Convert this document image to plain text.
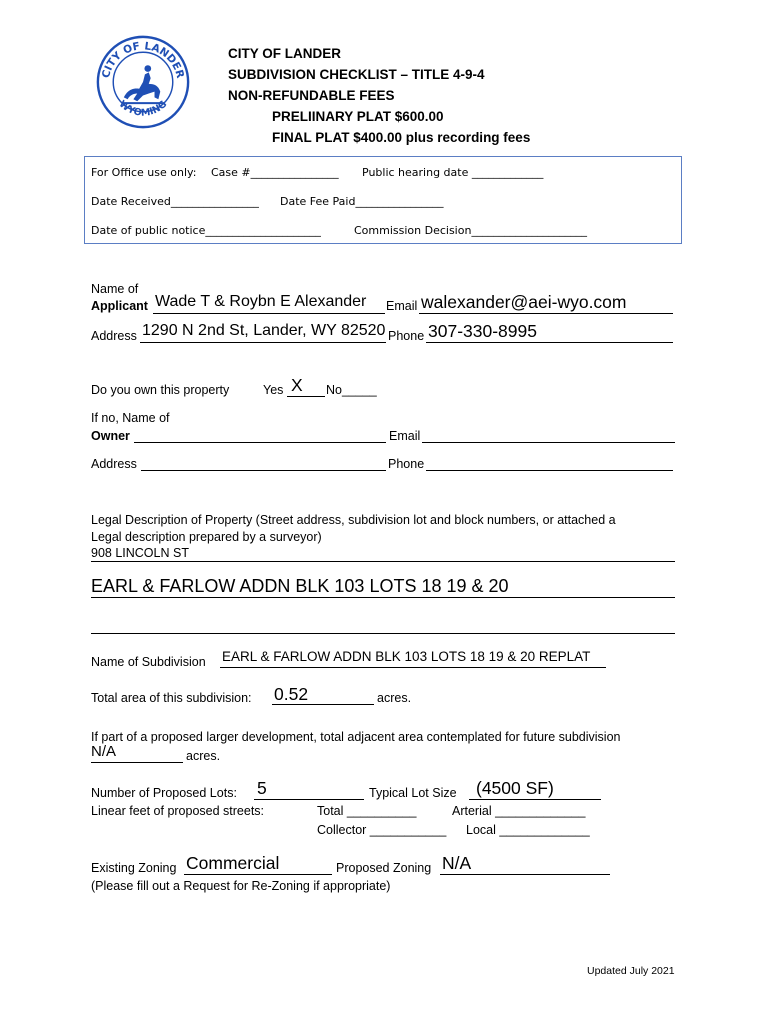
CITY OF LANDER
WYOMING
CITY OF LANDER
SUBDIVISION CHECKLIST – TITLE 4-9-4
NON-REFUNDABLE FEES
PRELIINARY PLAT $600.00
FINAL PLAT $400.00 plus recording fees
For Office use only: Case #________________ Public hearing date _____________
Date Received________________ Date Fee Paid________________
Date of public notice_____________________	Commission Decision_____________________
Name of
Applicant Wade T & Roybn E Alexander Email walexander@aei-wyo.com
Address 1290 N 2nd St, Lander, WY 82520 Phone 307-330-8995
Do you own this property	Yes X No_____
If no, Name of
Owner	Email
Address	Phone
Legal Description of Property (Street address, subdivision lot and block numbers, or attached a
Legal description prepared by a surveyor)
908 LINCOLN ST
EARL & FARLOW ADDN BLK 103 LOTS 18 19 & 20
Name of Subdivision EARL & FARLOW ADDN BLK 103 LOTS 18 19 & 20 REPLAT
Total area of this subdivision: 0.52	acres.
If part of a proposed larger development, total adjacent area contemplated for future subdivision
N/A	acres.
Number of Proposed Lots: 5	Typical Lot Size (4500 SF)
Linear feet of proposed streets:	Total __________	Arterial _____________
Collector ___________ Local _____________
Existing Zoning Commercial	Proposed Zoning N/A
(Please fill out a Request for Re-Zoning if appropriate)
Updated July 2021
